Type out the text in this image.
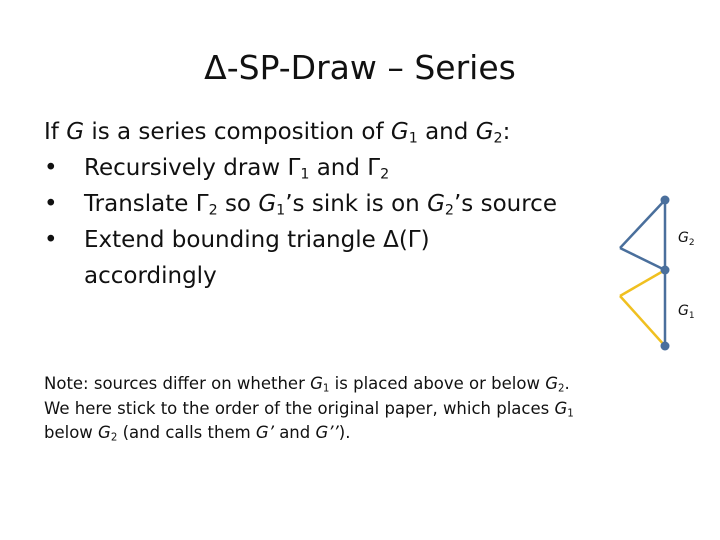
Δ-SP-Draw – Series
If G is a series composition of $G_1$ and $G_2$:
•	Recursively draw $\Gamma_1$ and $\Gamma_2$
•	Translate $\Gamma_2$ so $G_1’s$ sink is on $G_2’s$ source
•	Extend bounding triangle Δ(Γ)
accordingly
Note: sources differ on whether $G_1$ is placed above or below $G_2$.
We here stick to the order of the original paper, which places $G_1$
below $G_2$ (and calls them G’ and G’’).
$G_2$
$G_1$
